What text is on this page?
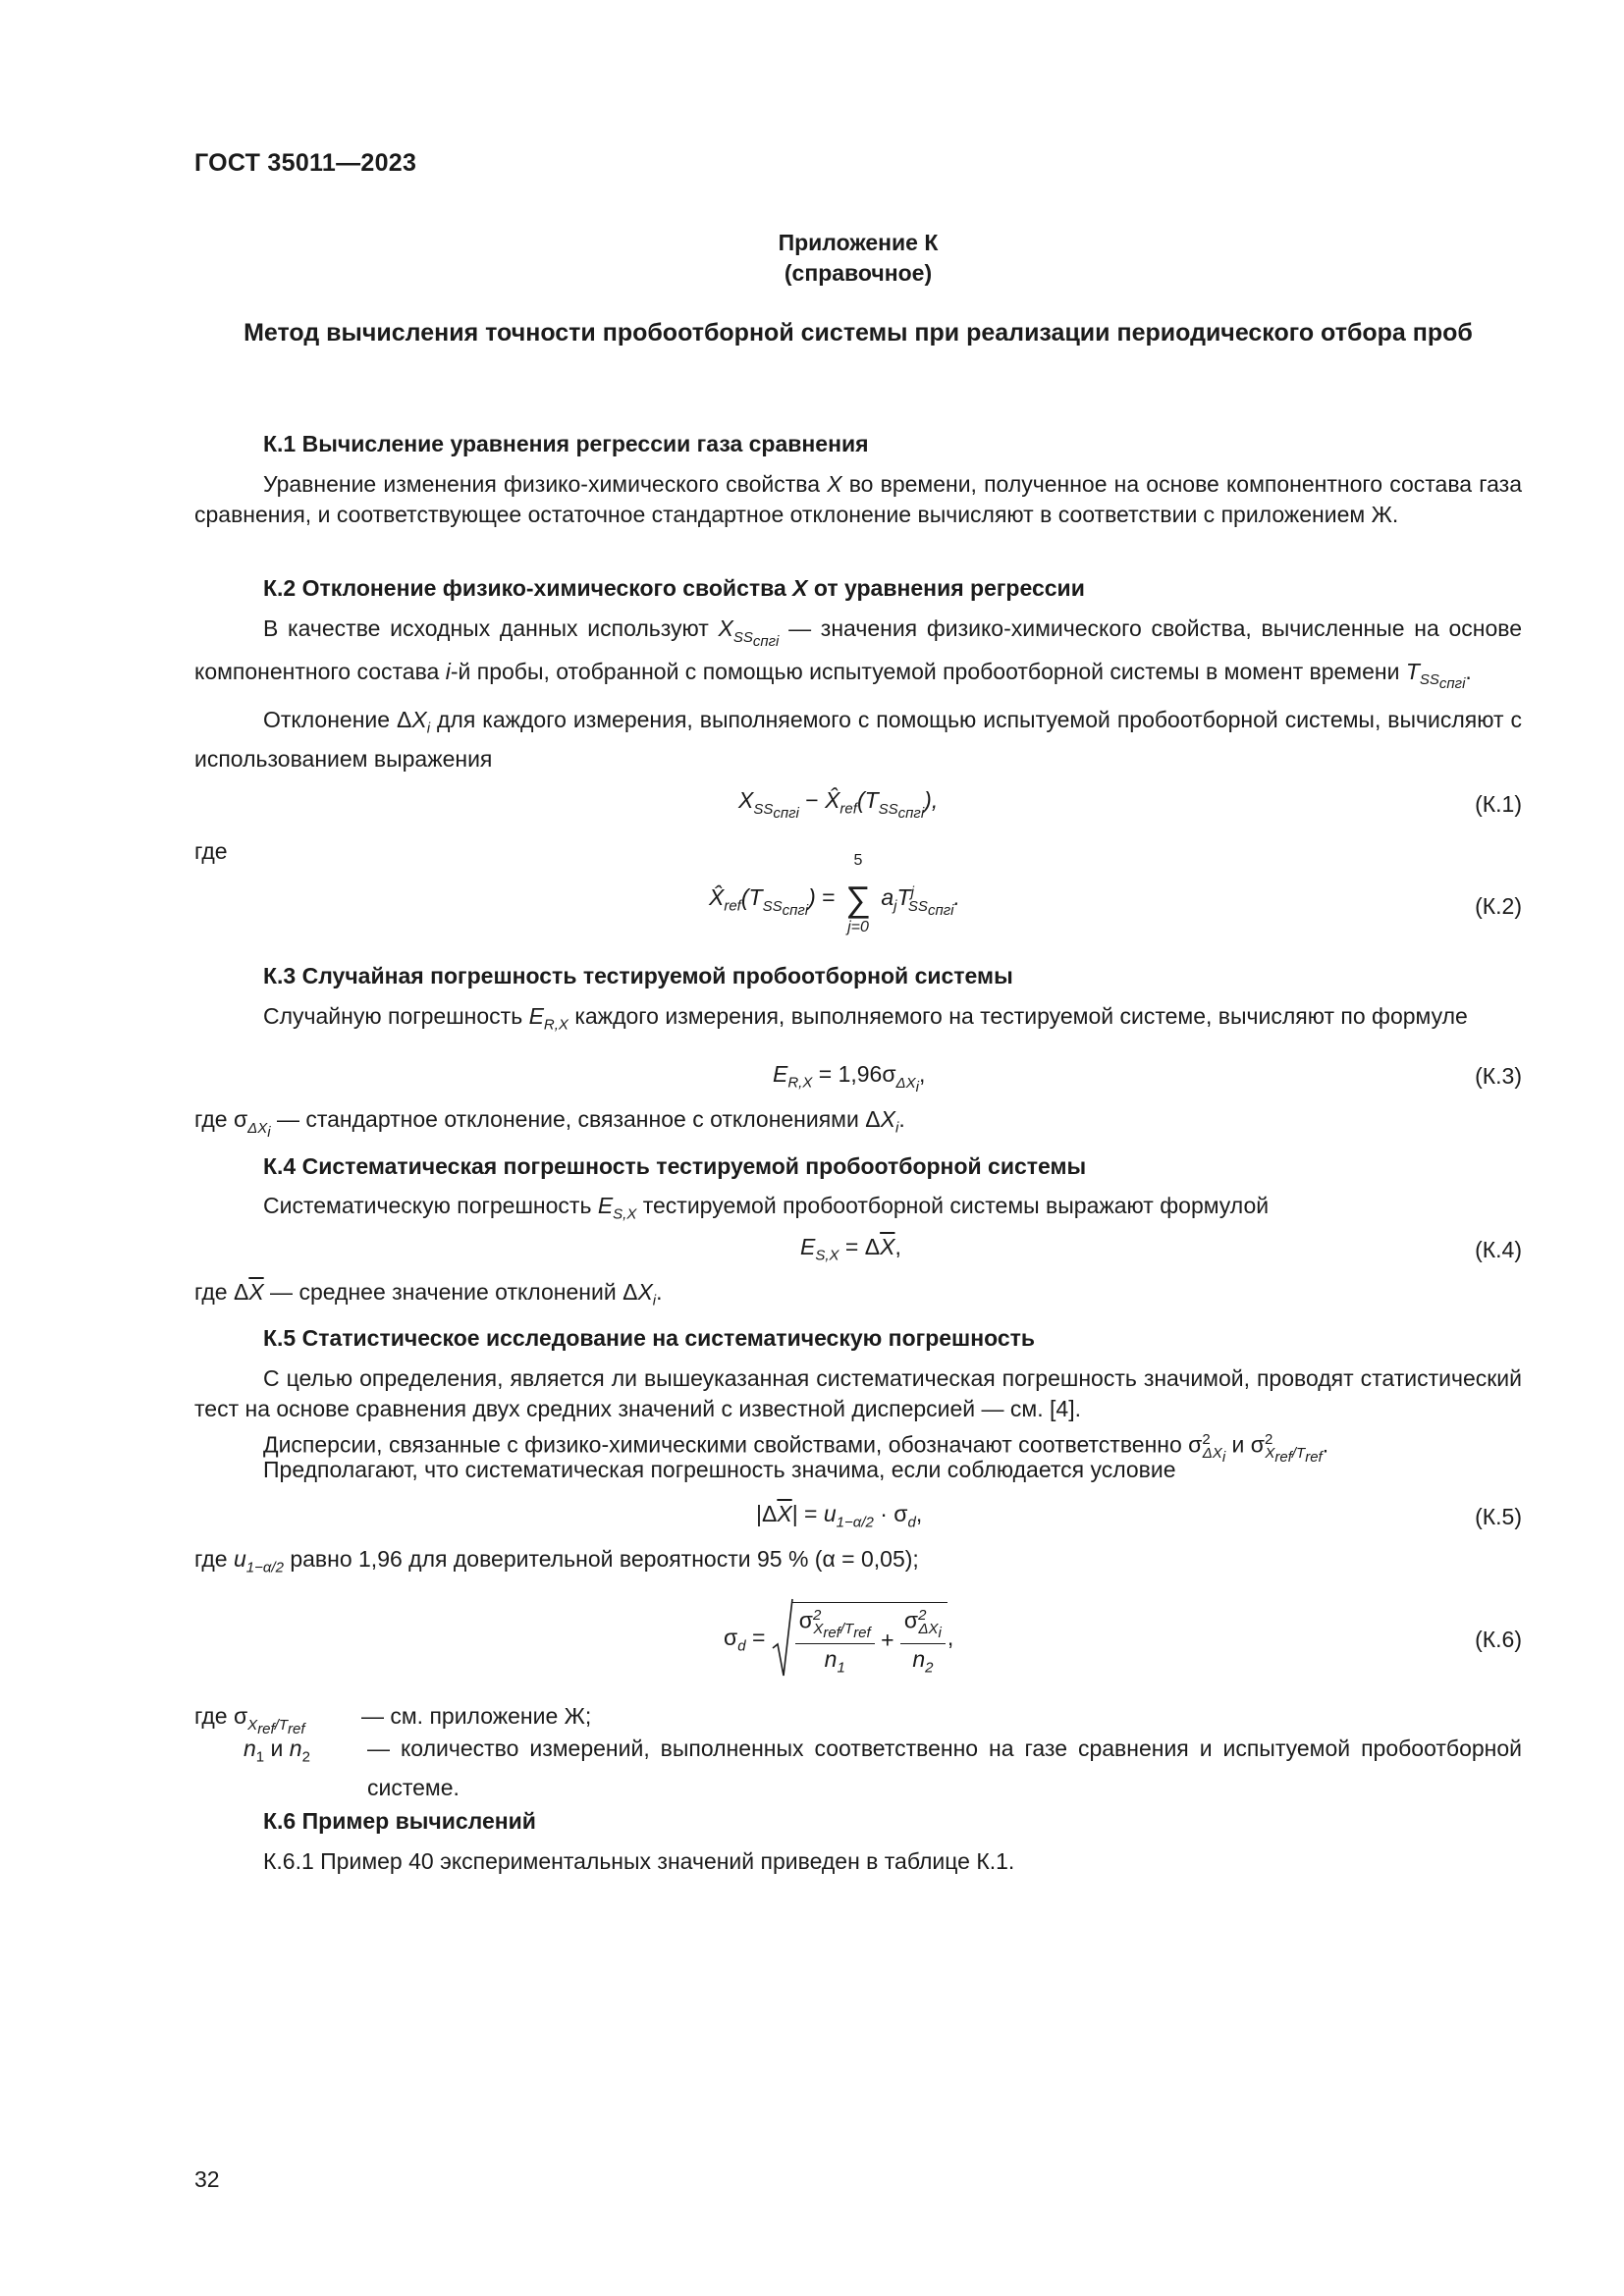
ГОСТ 35011—2023
Приложение К
(справочное)
Метод вычисления точности пробоотборной системы при реализации периодического отбора проб
К.1 Вычисление уравнения регрессии газа сравнения
Уравнение изменения физико-химического свойства X во времени, полученное на основе компонентного состава газа сравнения, и соответствующее остаточное стандартное отклонение вычисляют в соответствии с приложением Ж.
К.2 Отклонение физико-химического свойства X от уравнения регрессии
В качестве исходных данных используют $X_{SS_{спгi}}$ — значения физико-химического свойства, вычисленные на основе компонентного состава i-й пробы, отобранной с помощью испытуемой пробоотборной системы в момент времени $T_{SS_{спгi}}$.
Отклонение $\Delta X_i$ для каждого измерения, выполняемого с помощью испытуемой пробоотборной системы, вычисляют с использованием выражения
$X_{SS_{спгi}}$ − $X̂_{ref}(T_{SS_{спгi}})$,	(К.1)
где
$X̂_{ref}(T_{SS_{спгi}})$ =
5
∑
j=0
$a_jT^j_{SS_{спгi}}$.	(К.2)
К.3 Случайная погрешность тестируемой пробоотборной системы
Случайную погрешность $E_{R,X}$ каждого измерения, выполняемого на тестируемой системе, вычисляют по формуле
$E_{R,X} = 1,96\sigma_{\Delta X_i}$,	(К.3)
где $\sigma_{\Delta X_i}$ — стандартное отклонение, связанное с отклонениями $\Delta X_i$.
К.4 Систематическая погрешность тестируемой пробоотборной системы
Систематическую погрешность $E_{S,X}$ тестируемой пробоотборной системы выражают формулой
$E_{S,X} = \Delta\overline{X}$,	(К.4)
где $\Delta\overline{X}$ — среднее значение отклонений $\Delta X_i$.
К.5 Статистическое исследование на систематическую погрешность
С целью определения, является ли вышеуказанная систематическая погрешность значимой, проводят статистический тест на основе сравнения двух средних значений с известной дисперсией — см. [4].
Дисперсии, связанные с физико-химическими свойствами, обозначают соответственно $\sigma^2_{\Delta X_i}$ и $\sigma^2_{X_{ref}/T_{ref}}$.
Предполагают, что систематическая погрешность значима, если соблюдается условие
$|\Delta\overline{X}| = u_{1-\alpha/2} \cdot \sigma_d$,	(К.5)
где $u_{1-\alpha/2}$ равно 1,96 для доверительной вероятности 95 % (α = 0,05);
$\sigma_d = \frac{\sigma^2_{X_{ref}/T_{ref}}}{n_1} + \frac{\sigma^2_{\Delta X_i}}{n_2}$ ,	(К.6)
где $\sigma_{X_{ref}/T_{ref}}—$ см. приложение Ж;
$n_1$ и $n_2$	— количество измерений, выполненных соответственно на газе сравнения и испытуемой пробоотборной системе.
К.6 Пример вычислений
К.6.1 Пример 40 экспериментальных значений приведен в таблице К.1.
32
